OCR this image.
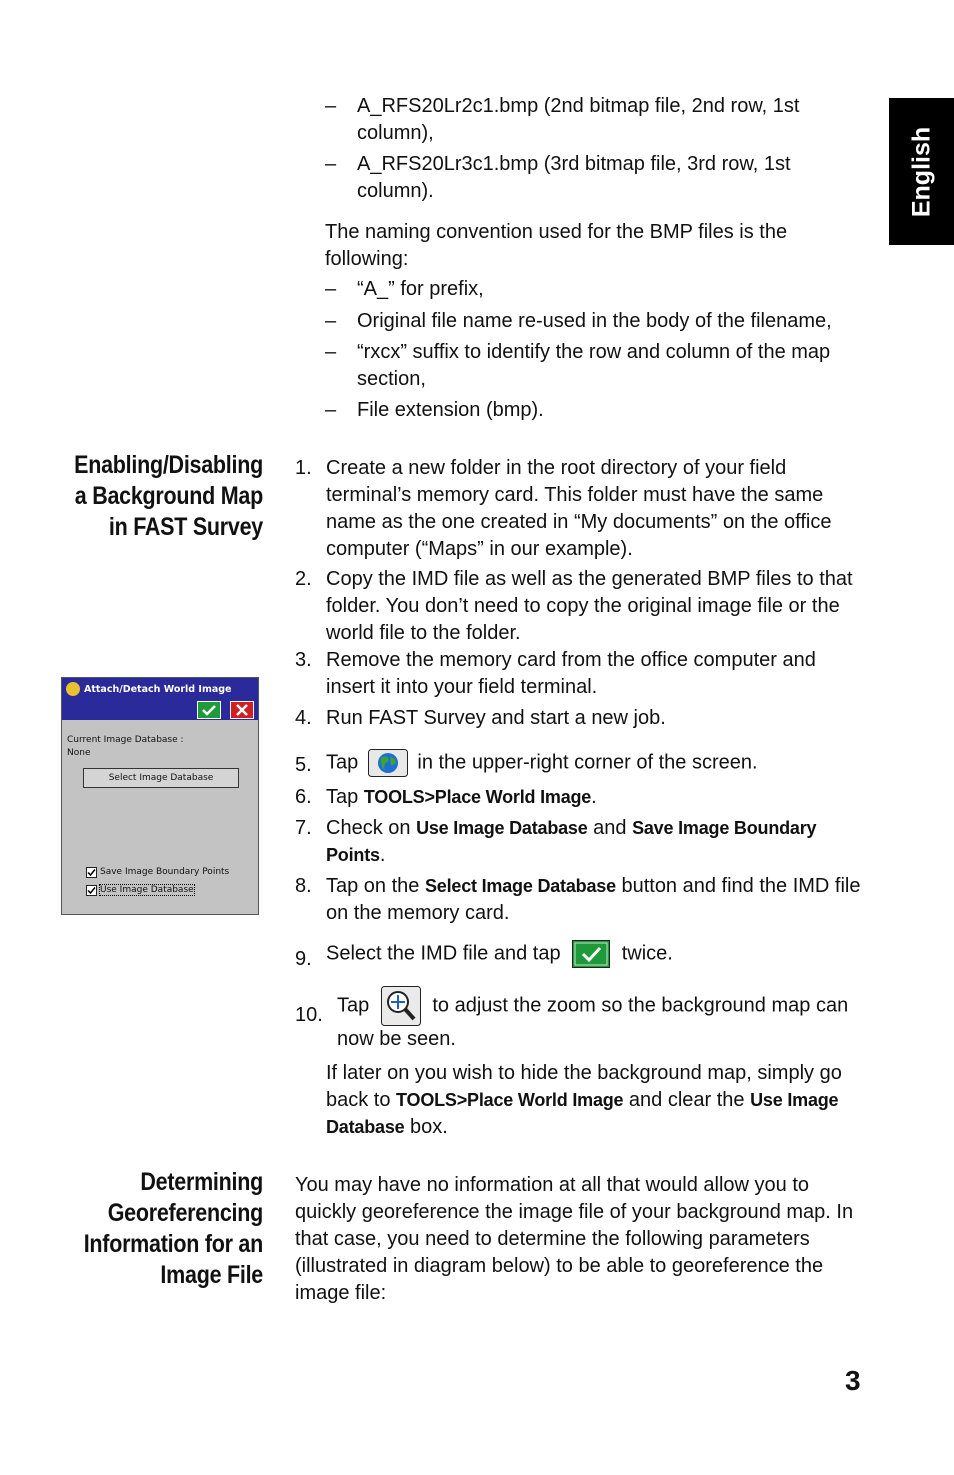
English
–	A_RFS20Lr2c1.bmp (2nd bitmap file, 2nd row, 1st column),
–	A_RFS20Lr3c1.bmp (3rd bitmap file, 3rd row, 1st column).
The naming convention used for the BMP files is the following:
–	“A_” for prefix,
–	Original file name re-used in the body of the filename,
–	“rxcx” suffix to identify the row and column of the map section,
–	File extension (bmp).
Enabling/Disabling
a Background Map
in FAST Survey
1. Create a new folder in the root directory of your field terminal’s memory card. This folder must have the same name as the one created in “My documents” on the office computer (“Maps” in our example).
2. Copy the IMD file as well as the generated BMP files to that folder. You don’t need to copy the original image file or the world file to the folder.
3. Remove the memory card from the office computer and insert it into your field terminal.
4. Run FAST Survey and start a new job.
5. Tap	in the upper-right corner of the screen.
6. Tap TOOLS>Place World Image.
7. Check on Use Image Database and Save Image Boundary Points.
8. Tap on the Select Image Database button and find the IMD file on the memory card.
9. Select the IMD file and tap	twice.
10. Tap	to adjust the zoom so the background map can now be seen.
If later on you wish to hide the background map, simply go back to TOOLS>Place World Image and clear the Use Image Database box.
Attach/Detach World Image
Current Image Database :
None
Select Image Database
Save Image Boundary Points
Use Image Database
Determining
Georeferencing
Information for an
Image File
You may have no information at all that would allow you to quickly georeference the image file of your background map. In that case, you need to determine the following parameters (illustrated in diagram below) to be able to georeference the image file:
3
